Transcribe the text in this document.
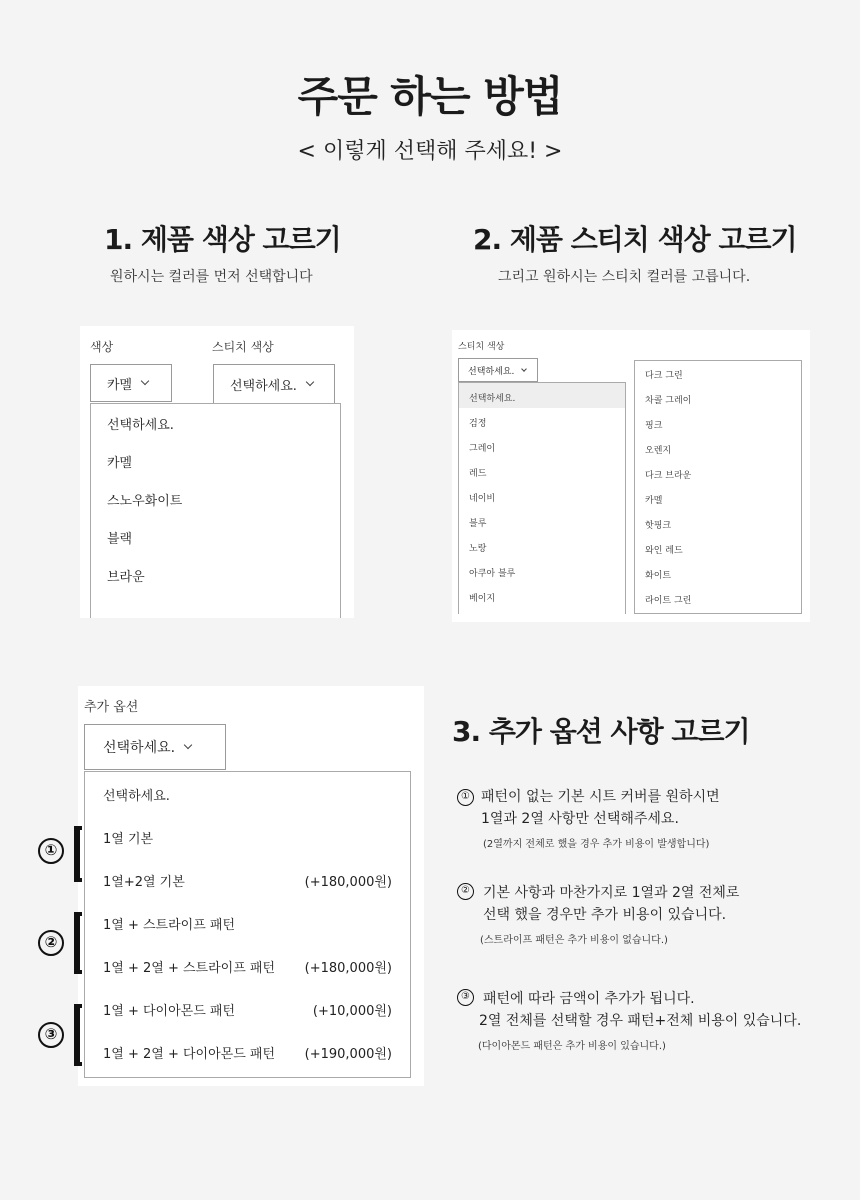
주문 하는 방법
< 이렇게 선택해 주세요! >
1. 제품 색상 고르기
원하시는 컬러를 먼저 선택합니다
색상	스티치 색상
카멜	선택하세요.
선택하세요.
카멜
스노우화이트
블랙
브라운
2. 제품 스티치 색상 고르기
그리고 원하시는 스티치 컬러를 고릅니다.
스티치 색상
선택하세요.
선택하세요.
검정
그레이
레드
네이비
블루
노랑
아쿠아 블루
베이지
다크 그린
차콜 그레이
핑크
오렌지
다크 브라운
카멜
핫핑크
와인 레드
화이트
라이트 그린
추가 옵션
선택하세요.
선택하세요.
1열 기본
1열+2열 기본	(+180,000원)
1열 + 스트라이프 패턴
1열 + 2열 + 스트라이프 패턴 (+180,000원)
1열 + 다이아몬드 패턴	(+10,000원)
1열 + 2열 + 다이아몬드 패턴 (+190,000원)
①
②
③
3. 추가 옵션 사항 고르기
① 패턴이 없는 기본 시트 커버를 원하시면
1열과 2열 사항만 선택해주세요.
(2열까지 전체로 했을 경우 추가 비용이 발생합니다)
② 기본 사항과 마찬가지로 1열과 2열 전체로
선택 했을 경우만 추가 비용이 있습니다.
(스트라이프 패턴은 추가 비용이 없습니다.)
③ 패턴에 따라 금액이 추가가 됩니다.
2열 전체를 선택할 경우 패턴+전체 비용이 있습니다.
(다이아몬드 패턴은 추가 비용이 있습니다.)
